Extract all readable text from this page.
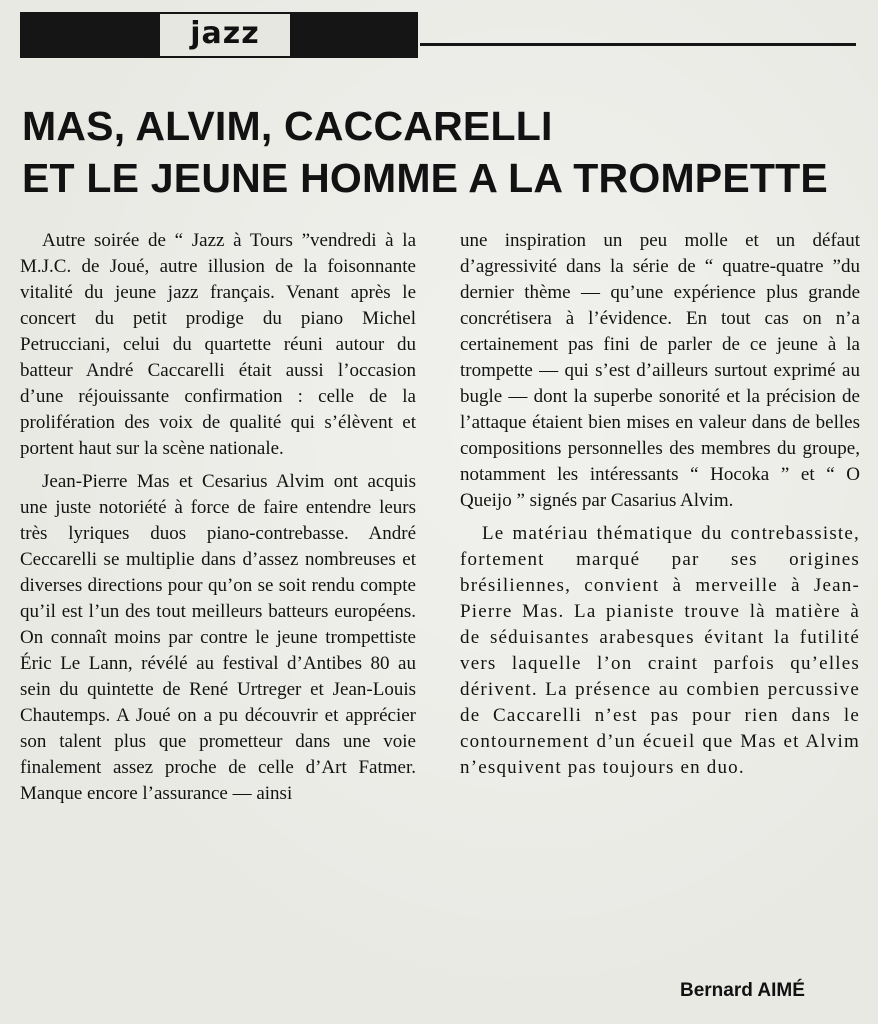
jazz
MAS, ALVIM, CACCARELLI
ET LE JEUNE HOMME A LA TROMPETTE

Autre soirée de “ Jazz à Tours ”vendredi à la M.J.C. de Joué, autre illusion de la foisonnante vitalité du jeune jazz français. Venant après le concert du petit prodige du piano Michel Petrucciani, celui du quartette réuni autour du batteur André Caccarelli était aussi l’occasion d’une réjouissante confirmation : celle de la prolifération des voix de qualité qui s’élèvent et portent haut sur la scène nationale.

Jean-Pierre Mas et Cesarius Alvim ont acquis une juste notoriété à force de faire entendre leurs très lyriques duos piano-contrebasse. André Ceccarelli se multiplie dans d’assez nombreuses et diverses directions pour qu’on se soit rendu compte qu’il est l’un des tout meilleurs batteurs européens. On connaît moins par contre le jeune trompettiste Éric Le Lann, révélé au festival d’Antibes 80 au sein du quintette de René Urtreger et Jean-Louis Chautemps. A Joué on a pu découvrir et apprécier son talent plus que prometteur dans une voie finalement assez proche de celle d’Art Fatmer. Manque encore l’assurance — ainsi

une inspiration un peu molle et un défaut d’agressivité dans la série de “ quatre-quatre ”du dernier thème — qu’une expérience plus grande concrétisera à l’évidence. En tout cas on n’a certainement pas fini de parler de ce jeune à la trompette — qui s’est d’ailleurs surtout exprimé au bugle — dont la superbe sonorité et la précision de l’attaque étaient bien mises en valeur dans de belles compositions personnelles des membres du groupe, notamment les intéressants “ Hocoka ” et “ O Queijo ” signés par Casarius Alvim.

Le matériau thématique du contrebassiste, fortement marqué par ses origines brésiliennes, convient à merveille à Jean-Pierre Mas. La pianiste trouve là matière à de séduisantes arabesques évitant la futilité vers laquelle l’on craint parfois qu’elles dérivent. La présence au combien percussive de Caccarelli n’est pas pour rien dans le contournement d’un écueil que Mas et Alvim n’esquivent pas toujours en duo.

Bernard AIMÉ
